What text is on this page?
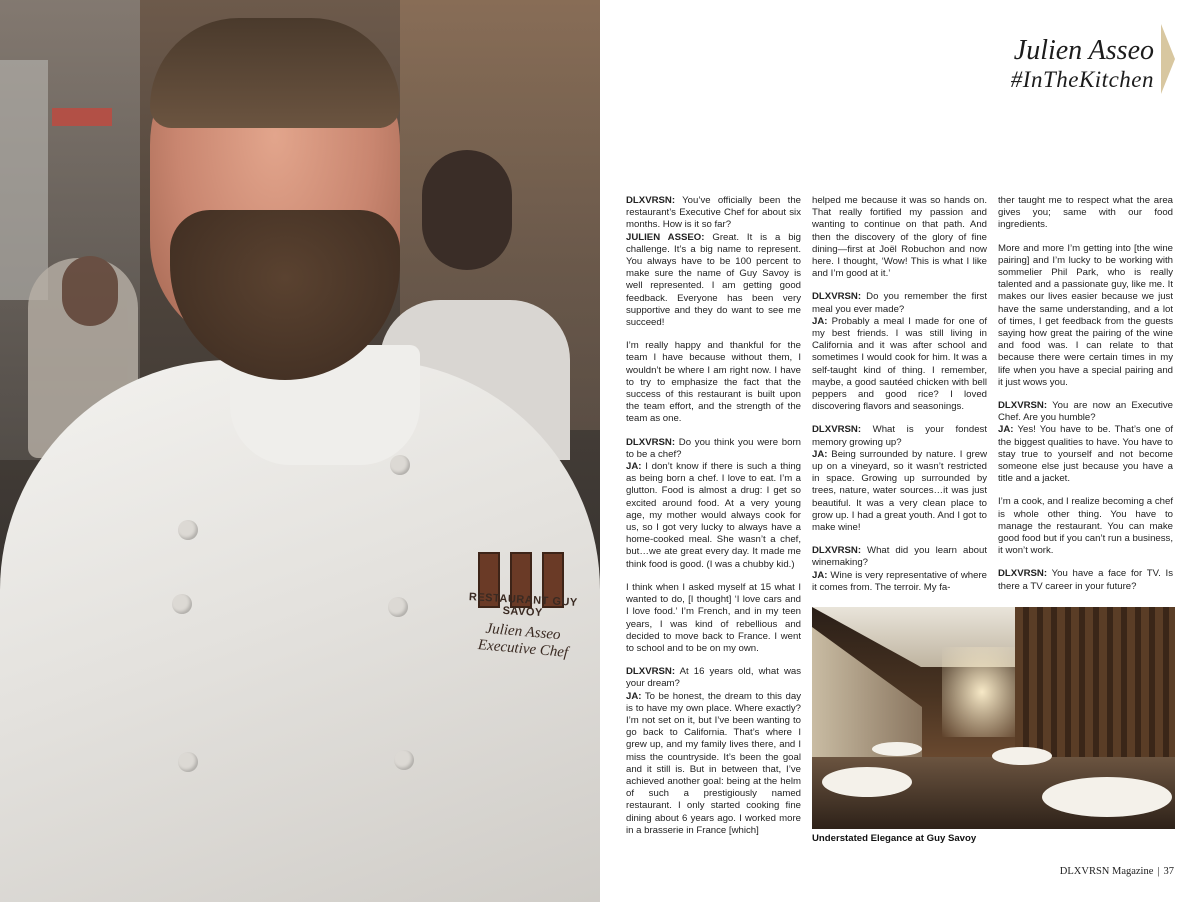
RESTAURANT GUY SAVOY
Julien Asseo
Executive Chef
Julien Asseo
#InTheKitchen

DLXVRSN: You’ve officially been the restaurant’s Executive Chef for about six months. How is it so far?

JULIEN ASSEO: Great. It is a big challenge. It’s a big name to represent. You always have to be 100 percent to make sure the name of Guy Savoy is well represented. I am getting good feedback. Everyone has been very supportive and they do want to see me succeed!

I’m really happy and thankful for the team I have because without them, I wouldn’t be where I am right now. I have to try to emphasize the fact that the success of this restaurant is built upon the team effort, and the strength of the team as one.

DLXVRSN: Do you think you were born to be a chef?

JA: I don’t know if there is such a thing as being born a chef. I love to eat. I’m a glutton. Food is almost a drug: I get so excited around food. At a very young age, my mother would always cook for us, so I got very lucky to always have a home-cooked meal. She wasn’t a chef, but…we ate great every day. It made me think food is good. (I was a chubby kid.)

I think when I asked myself at 15 what I wanted to do, [I thought] ‘I love cars and I love food.’ I’m French, and in my teen years, I was kind of rebellious and decided to move back to France. I went to school and to be on my own.

DLXVRSN: At 16 years old, what was your dream?

JA: To be honest, the dream to this day is to have my own place. Where exactly? I’m not set on it, but I’ve been wanting to go back to California. That’s where I grew up, and my family lives there, and I miss the countryside. It’s been the goal and it still is. But in between that, I’ve achieved another goal: being at the helm of such a prestigiously named restaurant. I only started cooking fine dining about 6 years ago. I worked more in a brasserie in France [which]

helped me because it was so hands on. That really fortified my passion and wanting to continue on that path. And then the discovery of the glory of fine dining—first at Joël Robuchon and now here. I thought, ‘Wow! This is what I like and I’m good at it.’

DLXVRSN: Do you remember the first meal you ever made?

JA: Probably a meal I made for one of my best friends. I was still living in California and it was after school and sometimes I would cook for him. It was a self-taught kind of thing. I remember, maybe, a good sautéed chicken with bell peppers and good rice? I loved discovering flavors and seasonings.

DLXVRSN: What is your fondest memory growing up?

JA: Being surrounded by nature. I grew up on a vineyard, so it wasn’t restricted in space. Growing up surrounded by trees, nature, water sources…it was just beautiful. It was a very clean place to grow up. I had a great youth. And I got to make wine!

DLXVRSN: What did you learn about winemaking?

JA: Wine is very representative of where it comes from. The terroir. My fa-

ther taught me to respect what the area gives you; same with our food ingredients.

More and more I’m getting into [the wine pairing] and I’m lucky to be working with sommelier Phil Park, who is really talented and a passionate guy, like me. It makes our lives easier because we just have the same understanding, and a lot of times, I get feedback from the guests saying how great the pairing of the wine and food was. I can relate to that because there were certain times in my life when you have a special pairing and it just wows you.

DLXVRSN: You are now an Executive Chef. Are you humble?

JA: Yes! You have to be. That’s one of the biggest qualities to have. You have to stay true to yourself and not become someone else just because you have a title and a jacket.

I’m a cook, and I realize becoming a chef is whole other thing. You have to manage the restaurant. You can make good food but if you can’t run a business, it won’t work.

DLXVRSN: You have a face for TV. Is there a TV career in your future?

Understated Elegance at Guy Savoy
DLXVRSN Magazine | 37
